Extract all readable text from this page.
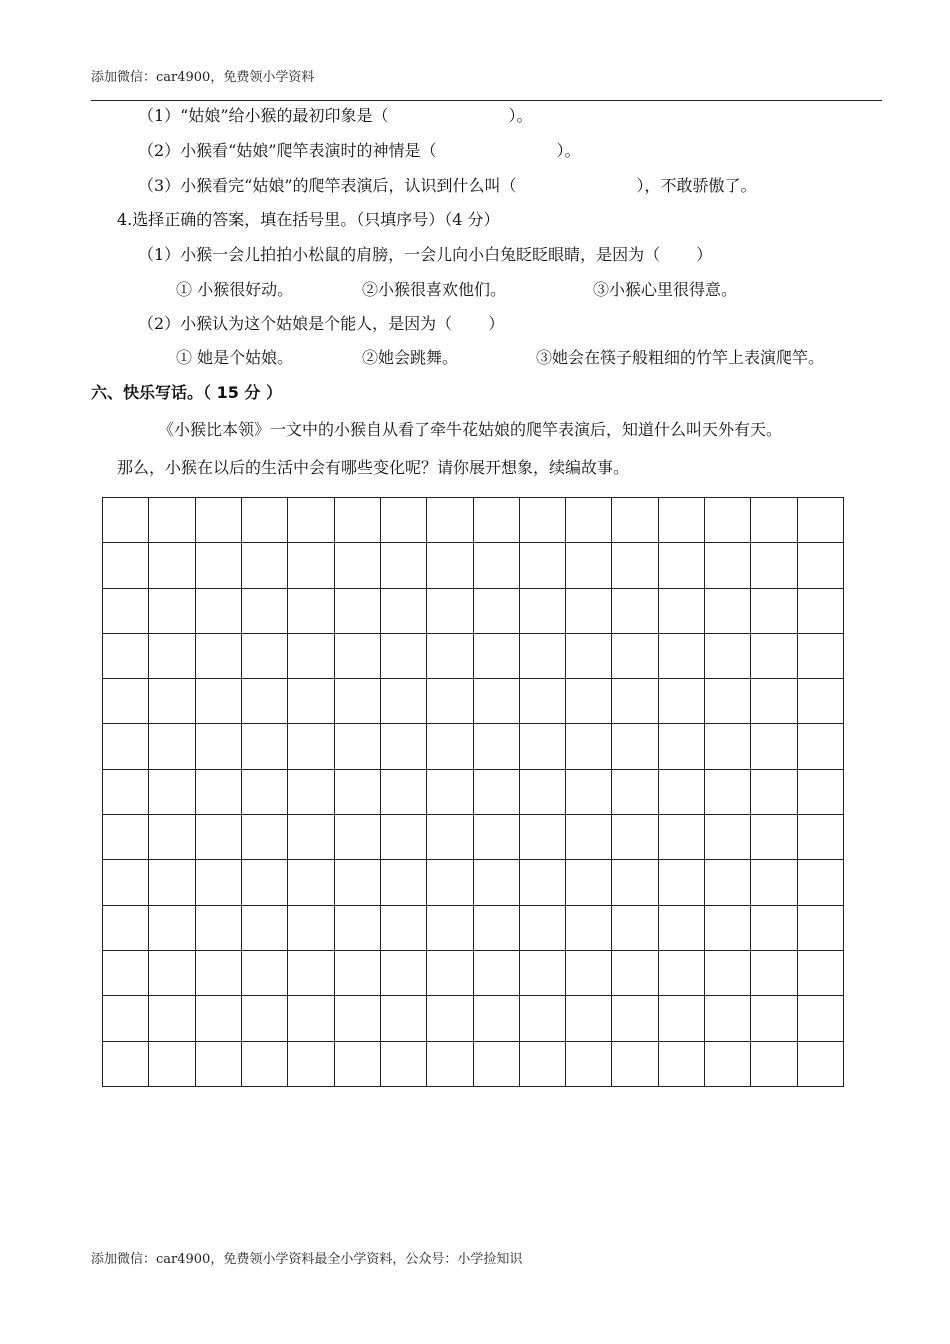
添加微信：car4900，免费领小学资料
（1）“姑娘”给小猴的最初印象是（	）。
（2）小猴看“姑娘”爬竿表演时的神情是（	）。
（3）小猴看完“姑娘”的爬竿表演后，认识到什么叫（	），不敢骄傲了。
4.选择正确的答案，填在括号里。（只填序号）（4 分）
（1）小猴一会儿拍拍小松鼠的肩膀，一会儿向小白兔眨眨眼睛，是因为（ ）
① 小猴很好动。	②小猴很喜欢他们。	③小猴心里很得意。
（2）小猴认为这个姑娘是个能人，是因为（ ）
① 她是个姑娘。	②她会跳舞。	③她会在筷子般粗细的竹竿上表演爬竿。
六、快乐写话。（ 15 分 ）
《小猴比本领》一文中的小猴自从看了牵牛花姑娘的爬竿表演后，知道什么叫天外有天。
那么，小猴在以后的生活中会有哪些变化呢？请你展开想象，续编故事。

添加微信：car4900，免费领小学资料最全小学资料，公众号：小学捡知识
